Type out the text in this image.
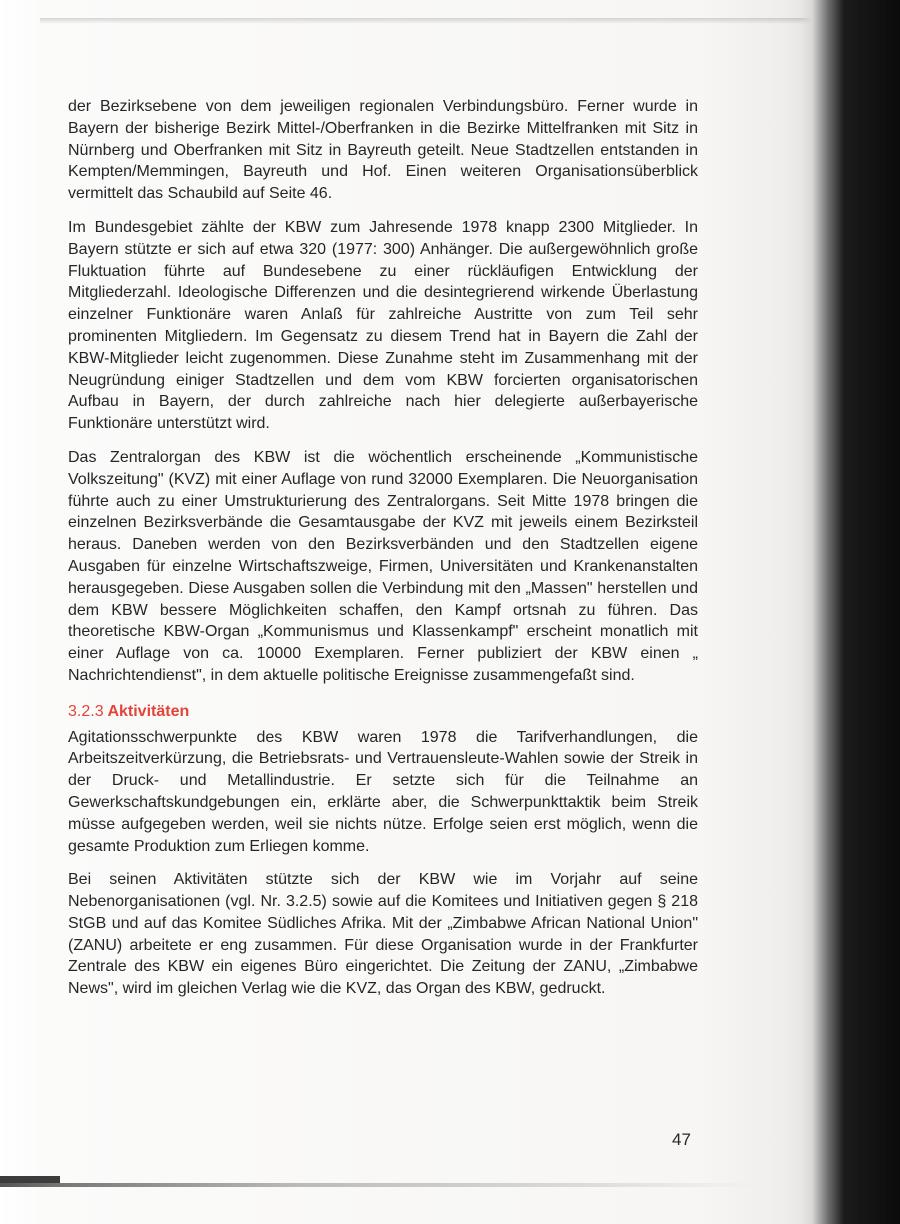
der Bezirksebene von dem jeweiligen regionalen Verbindungsbüro. Ferner wurde in Bayern der bisherige Bezirk Mittel-/Oberfranken in die Bezirke Mittelfranken mit Sitz in Nürnberg und Oberfranken mit Sitz in Bayreuth geteilt. Neue Stadtzellen entstanden in Kempten/Memmingen, Bayreuth und Hof. Einen weiteren Organisationsüberblick vermittelt das Schaubild auf Seite 46.

Im Bundesgebiet zählte der KBW zum Jahresende 1978 knapp 2300 Mitglieder. In Bayern stützte er sich auf etwa 320 (1977: 300) Anhänger. Die außergewöhnlich große Fluktuation führte auf Bundesebene zu einer rückläufigen Entwicklung der Mitgliederzahl. Ideologische Differenzen und die desintegrierend wirkende Überlastung einzelner Funktionäre waren Anlaß für zahlreiche Austritte von zum Teil sehr prominenten Mitgliedern. Im Gegensatz zu diesem Trend hat in Bayern die Zahl der KBW-Mitglieder leicht zugenommen. Diese Zunahme steht im Zusammenhang mit der Neugründung einiger Stadtzellen und dem vom KBW forcierten organisatorischen Aufbau in Bayern, der durch zahlreiche nach hier delegierte außerbayerische Funktionäre unterstützt wird.

Das Zentralorgan des KBW ist die wöchentlich erscheinende „Kommunistische Volkszeitung" (KVZ) mit einer Auflage von rund 32000 Exemplaren. Die Neuorganisation führte auch zu einer Umstrukturierung des Zentralorgans. Seit Mitte 1978 bringen die einzelnen Bezirksverbände die Gesamtausgabe der KVZ mit jeweils einem Bezirksteil heraus. Daneben werden von den Bezirksverbänden und den Stadtzellen eigene Ausgaben für einzelne Wirtschaftszweige, Firmen, Universitäten und Krankenanstalten herausgegeben. Diese Ausgaben sollen die Verbindung mit den „Massen" herstellen und dem KBW bessere Möglichkeiten schaffen, den Kampf ortsnah zu führen. Das theoretische KBW-Organ „Kommunismus und Klassenkampf" erscheint monatlich mit einer Auflage von ca. 10000 Exemplaren. Ferner publiziert der KBW einen „ Nachrichtendienst", in dem aktuelle politische Ereignisse zusammengefaßt sind.

3.2.3 Aktivitäten

Agitationsschwerpunkte des KBW waren 1978 die Tarifverhandlungen, die Arbeitszeitverkürzung, die Betriebsrats- und Vertrauensleute-Wahlen sowie der Streik in der Druck- und Metallindustrie. Er setzte sich für die Teilnahme an Gewerkschaftskundgebungen ein, erklärte aber, die Schwerpunkttaktik beim Streik müsse aufgegeben werden, weil sie nichts nütze. Erfolge seien erst möglich, wenn die gesamte Produktion zum Erliegen komme.

Bei seinen Aktivitäten stützte sich der KBW wie im Vorjahr auf seine Nebenorganisationen (vgl. Nr. 3.2.5) sowie auf die Komitees und Initiativen gegen § 218 StGB und auf das Komitee Südliches Afrika. Mit der „Zimbabwe African National Union" (ZANU) arbeitete er eng zusammen. Für diese Organisation wurde in der Frankfurter Zentrale des KBW ein eigenes Büro eingerichtet. Die Zeitung der ZANU, „Zimbabwe News", wird im gleichen Verlag wie die KVZ, das Organ des KBW, gedruckt.

47
